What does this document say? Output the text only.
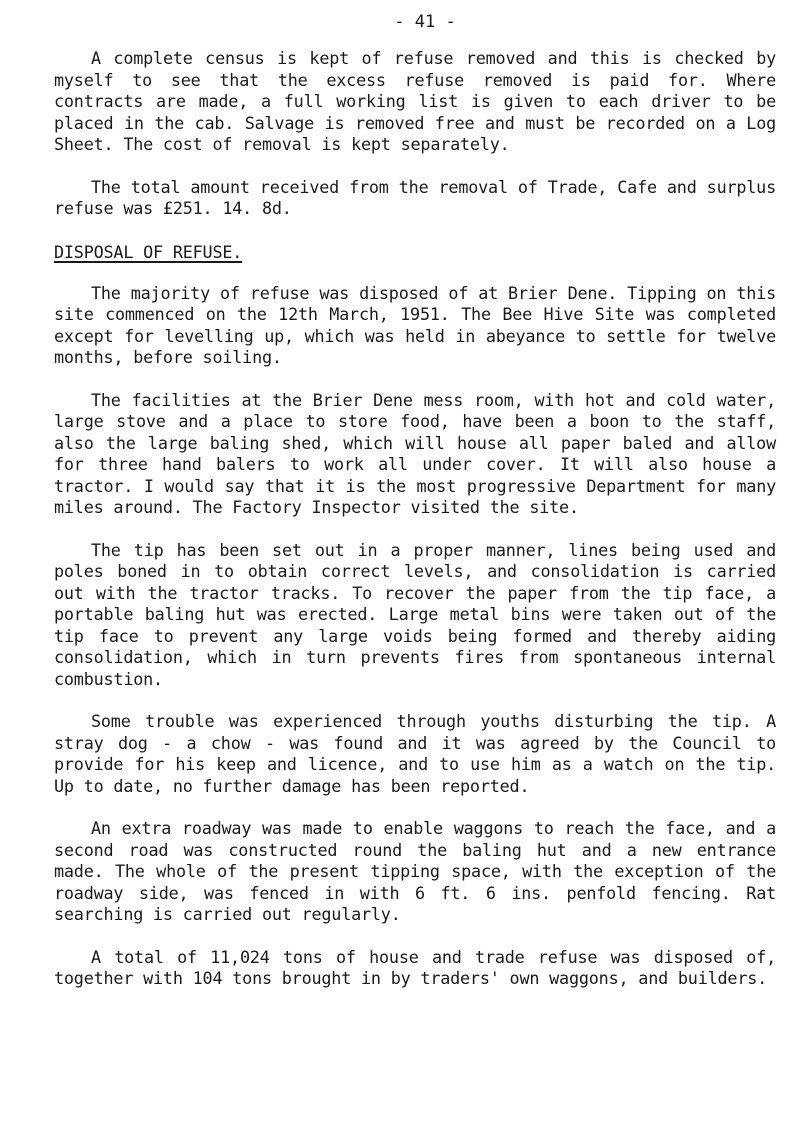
- 41 -

A complete census is kept of refuse removed and this is checked by myself to see that the excess refuse removed is paid for. Where contracts are made, a full working list is given to each driver to be placed in the cab. Salvage is removed free and must be recorded on a Log Sheet. The cost of removal is kept separately.

The total amount received from the removal of Trade, Cafe and surplus refuse was £251. 14. 8d.

DISPOSAL OF REFUSE.

The majority of refuse was disposed of at Brier Dene. Tipping on this site commenced on the 12th March, 1951. The Bee Hive Site was completed except for levelling up, which was held in abeyance to settle for twelve months, before soiling.

The facilities at the Brier Dene mess room, with hot and cold water, large stove and a place to store food, have been a boon to the staff, also the large baling shed, which will house all paper baled and allow for three hand balers to work all under cover. It will also house a tractor. I would say that it is the most progressive Department for many miles around. The Factory Inspector visited the site.

The tip has been set out in a proper manner, lines being used and poles boned in to obtain correct levels, and consolidation is carried out with the tractor tracks. To recover the paper from the tip face, a portable baling hut was erected. Large metal bins were taken out of the tip face to prevent any large voids being formed and thereby aiding consolidation, which in turn prevents fires from spontaneous internal combustion.

Some trouble was experienced through youths disturbing the tip. A stray dog - a chow - was found and it was agreed by the Council to provide for his keep and licence, and to use him as a watch on the tip. Up to date, no further damage has been reported.

An extra roadway was made to enable waggons to reach the face, and a second road was constructed round the baling hut and a new entrance made. The whole of the present tipping space, with the exception of the roadway side, was fenced in with 6 ft. 6 ins. penfold fencing. Rat searching is carried out regularly.

A total of 11,024 tons of house and trade refuse was disposed of, together with 104 tons brought in by traders' own waggons, and builders.
